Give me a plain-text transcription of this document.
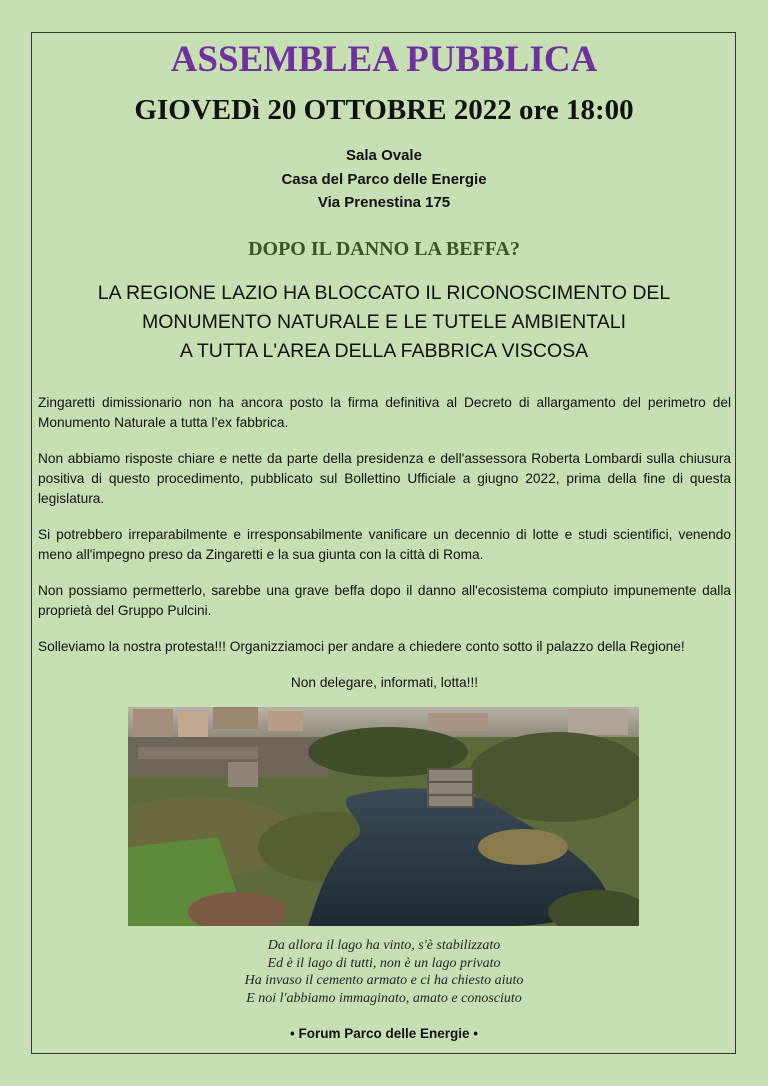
ASSEMBLEA PUBBLICA
GIOVEDì 20 OTTOBRE 2022 ore 18:00
Sala Ovale
Casa del Parco delle Energie
Via Prenestina 175
DOPO IL DANNO LA BEFFA?
LA REGIONE LAZIO HA BLOCCATO IL RICONOSCIMENTO DEL
MONUMENTO NATURALE E LE TUTELE AMBIENTALI
A TUTTA L'AREA DELLA FABBRICA VISCOSA

Zingaretti dimissionario non ha ancora posto la firma definitiva al Decreto di allargamento del perimetro del Monumento Naturale a tutta l’ex fabbrica.

Non abbiamo risposte chiare e nette da parte della presidenza e dell'assessora Roberta Lombardi sulla chiusura positiva di questo procedimento, pubblicato sul Bollettino Ufficiale a giugno 2022, prima della fine di questa legislatura.

Si potrebbero irreparabilmente e irresponsabilmente vanificare un decennio di lotte e studi scientifici, venendo meno all'impegno preso da Zingaretti e la sua giunta con la città di Roma.

Non possiamo permetterlo, sarebbe una grave beffa dopo il danno all'ecosistema compiuto impunemente dalla proprietà del Gruppo Pulcini.

Solleviamo la nostra protesta!!! Organizziamoci per andare a chiedere conto sotto il palazzo della Regione!

Non delegare, informati, lotta!!!

Da allora il lago ha vinto, s'è stabilizzato
Ed è il lago di tutti, non è un lago privato
Ha invaso il cemento armato e ci ha chiesto aiuto
E noi l'abbiamo immaginato, amato e conosciuto
• Forum Parco delle Energie •
